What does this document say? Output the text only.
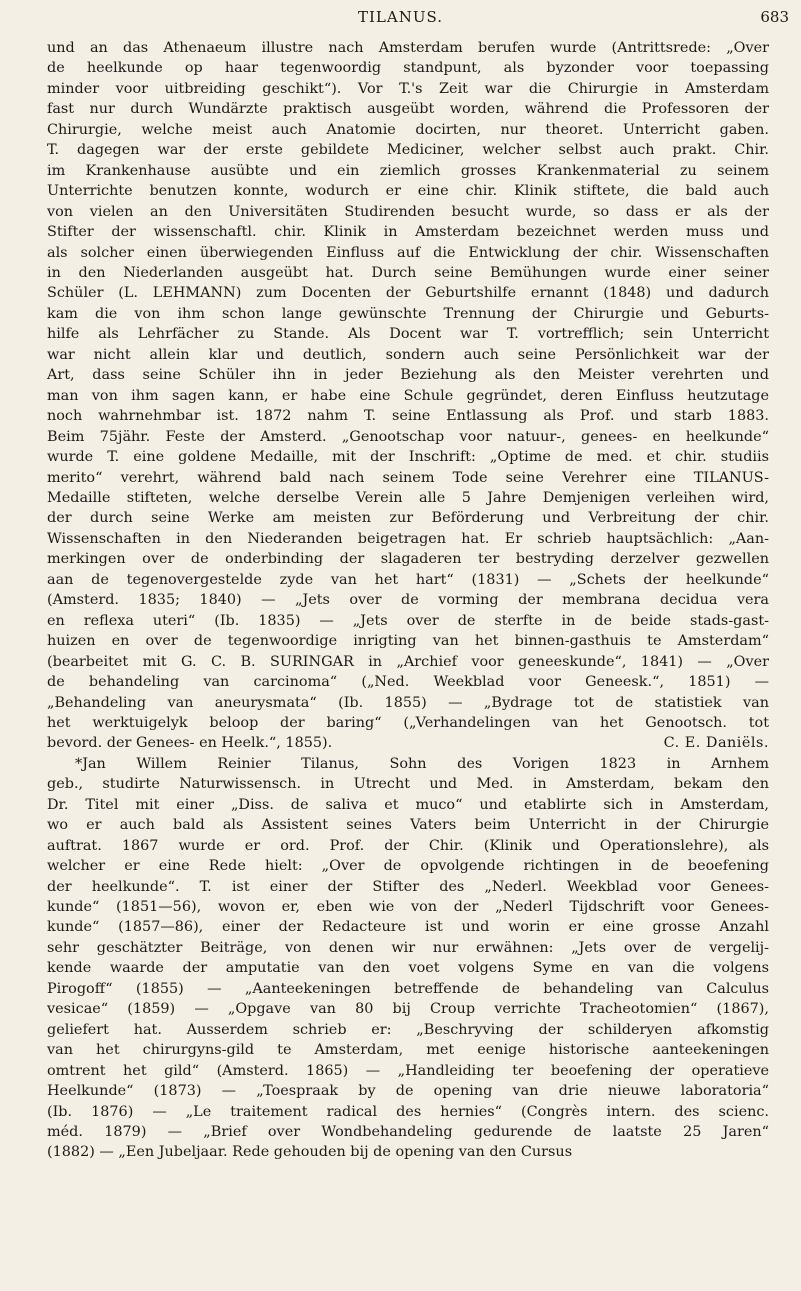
TILANUS.	683
und an das Athenaeum illustre nach Amsterdam berufen wurde (Antrittsrede: „Over
de heelkunde op haar tegenwoordig standpunt, als byzonder voor toepassing
minder voor uitbreiding geschikt“). Vor T.'s Zeit war die Chirurgie in Amsterdam
fast nur durch Wundärzte praktisch ausgeübt worden, während die Professoren der
Chirurgie, welche meist auch Anatomie docirten, nur theoret. Unterricht gaben.
T. dagegen war der erste gebildete Mediciner, welcher selbst auch prakt. Chir.
im Krankenhause ausübte und ein ziemlich grosses Krankenmaterial zu seinem
Unterrichte benutzen konnte, wodurch er eine chir. Klinik stiftete, die bald auch
von vielen an den Universitäten Studirenden besucht wurde, so dass er als der
Stifter der wissenschaftl. chir. Klinik in Amsterdam bezeichnet werden muss und
als solcher einen überwiegenden Einfluss auf die Entwicklung der chir. Wissenschaften
in den Niederlanden ausgeübt hat. Durch seine Bemühungen wurde einer seiner
Schüler (L. LEHMANN) zum Docenten der Geburtshilfe ernannt (1848) und dadurch
kam die von ihm schon lange gewünschte Trennung der Chirurgie und Geburts-
hilfe als Lehrfächer zu Stande. Als Docent war T. vortrefflich; sein Unterricht
war nicht allein klar und deutlich, sondern auch seine Persönlichkeit war der
Art, dass seine Schüler ihn in jeder Beziehung als den Meister verehrten und
man von ihm sagen kann, er habe eine Schule gegründet, deren Einfluss heutzutage
noch wahrnehmbar ist. 1872 nahm T. seine Entlassung als Prof. und starb 1883.
Beim 75jähr. Feste der Amsterd. „Genootschap voor natuur-, genees- en heelkunde“
wurde T. eine goldene Medaille, mit der Inschrift: „Optime de med. et chir. studiis
merito“ verehrt, während bald nach seinem Tode seine Verehrer eine TILANUS-
Medaille stifteten, welche derselbe Verein alle 5 Jahre Demjenigen verleihen wird,
der durch seine Werke am meisten zur Beförderung und Verbreitung der chir.
Wissenschaften in den Niederanden beigetragen hat. Er schrieb hauptsächlich: „Aan-
merkingen over de onderbinding der slagaderen ter bestryding derzelver gezwellen
aan de tegenovergestelde zyde van het hart“ (1831) — „Schets der heelkunde“
(Amsterd. 1835; 1840) — „Jets over de vorming der membrana decidua vera
en reflexa uteri“ (Ib. 1835) — „Jets over de sterfte in de beide stads-gast-
huizen en over de tegenwoordige inrigting van het binnen-gasthuis te Amsterdam“
(bearbeitet mit G. C. B. SURINGAR in „Archief voor geneeskunde“, 1841) — „Over
de behandeling van carcinoma“ („Ned. Weekblad voor Geneesk.“, 1851) —
„Behandeling van aneurysmata“ (Ib. 1855) — „Bydrage tot de statistiek van
het werktuigelyk beloop der baring“ („Verhandelingen van het Genootsch. tot
bevord. der Genees- en Heelk.“, 1855).	C. E. Daniëls.
*Jan Willem Reinier Tilanus, Sohn des Vorigen 1823 in Arnhem
geb., studirte Naturwissensch. in Utrecht und Med. in Amsterdam, bekam den
Dr. Titel mit einer „Diss. de saliva et muco“ und etablirte sich in Amsterdam,
wo er auch bald als Assistent seines Vaters beim Unterricht in der Chirurgie
auftrat. 1867 wurde er ord. Prof. der Chir. (Klinik und Operationslehre), als
welcher er eine Rede hielt: „Over de opvolgende richtingen in de beoefening
der heelkunde“. T. ist einer der Stifter des „Nederl. Weekblad voor Genees-
kunde“ (1851—56), wovon er, eben wie von der „Nederl Tijdschrift voor Genees-
kunde“ (1857—86), einer der Redacteure ist und worin er eine grosse Anzahl
sehr geschätzter Beiträge, von denen wir nur erwähnen: „Jets over de vergelij-
kende waarde der amputatie van den voet volgens Syme en van die volgens
Pirogoff“ (1855) — „Aanteekeningen betreffende de behandeling van Calculus
vesicae“ (1859) — „Opgave van 80 bij Croup verrichte Tracheotomien“ (1867),
geliefert hat. Ausserdem schrieb er: „Beschryving der schilderyen afkomstig
van het chirurgyns-gild te Amsterdam, met eenige historische aanteekeningen
omtrent het gild“ (Amsterd. 1865) — „Handleiding ter beoefening der operatieve
Heelkunde“ (1873) — „Toespraak by de opening van drie nieuwe laboratoria“
(Ib. 1876) — „Le traitement radical des hernies“ (Congrès intern. des scienc.
méd. 1879) — „Brief over Wondbehandeling gedurende de laatste 25 Jaren“
(1882) — „Een Jubeljaar. Rede gehouden bij de opening van den Cursus
